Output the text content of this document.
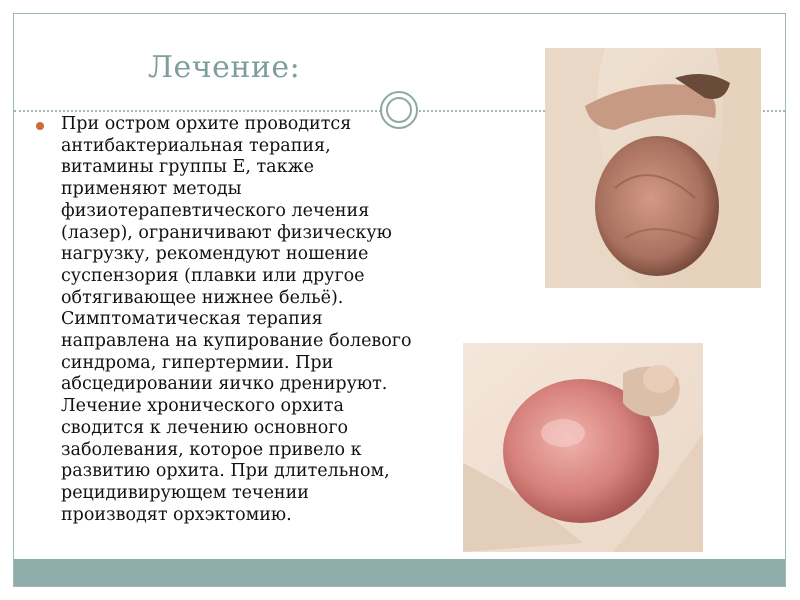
Лечение:

При остром орхите проводится антибактериальная терапия, витамины группы Е, также применяют методы физиотерапевтического лечения (лазер), ограничивают физическую нагрузку, рекомендуют ношение суспензория (плавки или другое обтягивающее нижнее бельё). Симптоматическая терапия направлена на купирование болевого синдрома, гипертермии. При абсцедировании яичко дренируют. Лечение хронического орхита сводится к лечению основного заболевания, которое привело к развитию орхита. При длительном, рецидивирующем течении производят орхэктомию.
